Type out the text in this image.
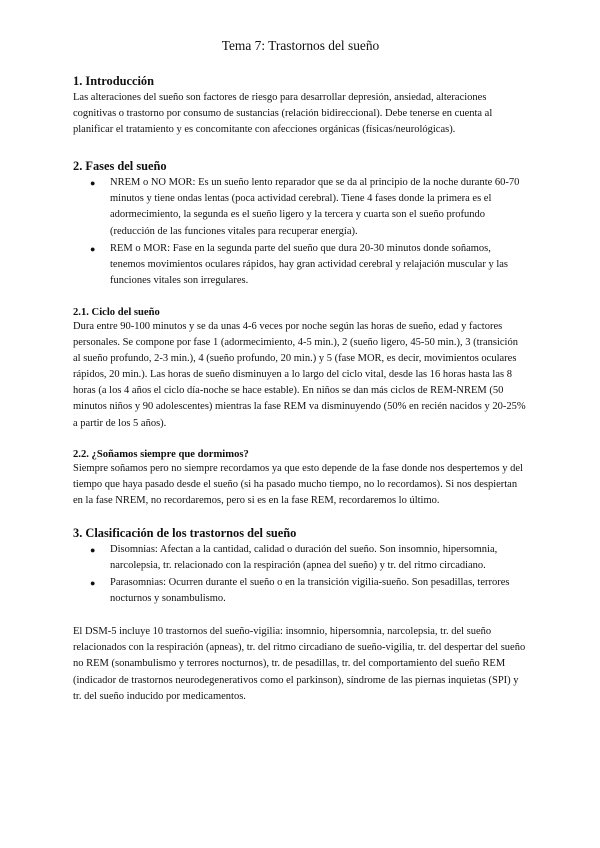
Tema 7: Trastornos del sueño
1. Introducción

Las alteraciones del sueño son factores de riesgo para desarrollar depresión, ansiedad, alteraciones cognitivas o trastorno por consumo de sustancias (relación bidireccional). Debe tenerse en cuenta al planificar el tratamiento y es concomitante con afecciones orgánicas (físicas/neurológicas).

2. Fases del sueño
● NREM o NO MOR: Es un sueño lento reparador que se da al principio de la noche durante 60-70 minutos y tiene ondas lentas (poca actividad cerebral). Tiene 4 fases donde la primera es el adormecimiento, la segunda es el sueño ligero y la tercera y cuarta son el sueño profundo (reducción de las funciones vitales para recuperar energía).
● REM o MOR: Fase en la segunda parte del sueño que dura 20-30 minutos donde soñamos, tenemos movimientos oculares rápidos, hay gran actividad cerebral y relajación muscular y las funciones vitales son irregulares.
2.1. Ciclo del sueño

Dura entre 90-100 minutos y se da unas 4-6 veces por noche según las horas de sueño, edad y factores personales. Se compone por fase 1 (adormecimiento, 4-5 min.), 2 (sueño ligero, 45-50 min.), 3 (transición al sueño profundo, 2-3 min.), 4 (sueño profundo, 20 min.) y 5 (fase MOR, es decir, movimientos oculares rápidos, 20 min.). Las horas de sueño disminuyen a lo largo del ciclo vital, desde las 16 horas hasta las 8 horas (a los 4 años el ciclo día-noche se hace estable). En niños se dan más ciclos de REM-NREM (50 minutos niños y 90 adolescentes) mientras la fase REM va disminuyendo (50% en recién nacidos y 20-25% a partir de los 5 años).

2.2. ¿Soñamos siempre que dormimos?

Siempre soñamos pero no siempre recordamos ya que esto depende de la fase donde nos despertemos y del tiempo que haya pasado desde el sueño (si ha pasado mucho tiempo, no lo recordamos). Si nos despiertan en la fase NREM, no recordaremos, pero si es en la fase REM, recordaremos lo último.

3. Clasificación de los trastornos del sueño
● Disomnias: Afectan a la cantidad, calidad o duración del sueño. Son insomnio, hipersomnia, narcolepsia, tr. relacionado con la respiración (apnea del sueño) y tr. del ritmo circadiano.
● Parasomnias: Ocurren durante el sueño o en la transición vigilia-sueño. Son pesadillas, terrores nocturnos y sonambulismo.

El DSM-5 incluye 10 trastornos del sueño-vigilia: insomnio, hipersomnia, narcolepsia, tr. del sueño relacionados con la respiración (apneas), tr. del ritmo circadiano de sueño-vigilia, tr. del despertar del sueño no REM (sonambulismo y terrores nocturnos), tr. de pesadillas, tr. del comportamiento del sueño REM (indicador de trastornos neurodegenerativos como el parkinson), síndrome de las piernas inquietas (SPI) y tr. del sueño inducido por medicamentos.
